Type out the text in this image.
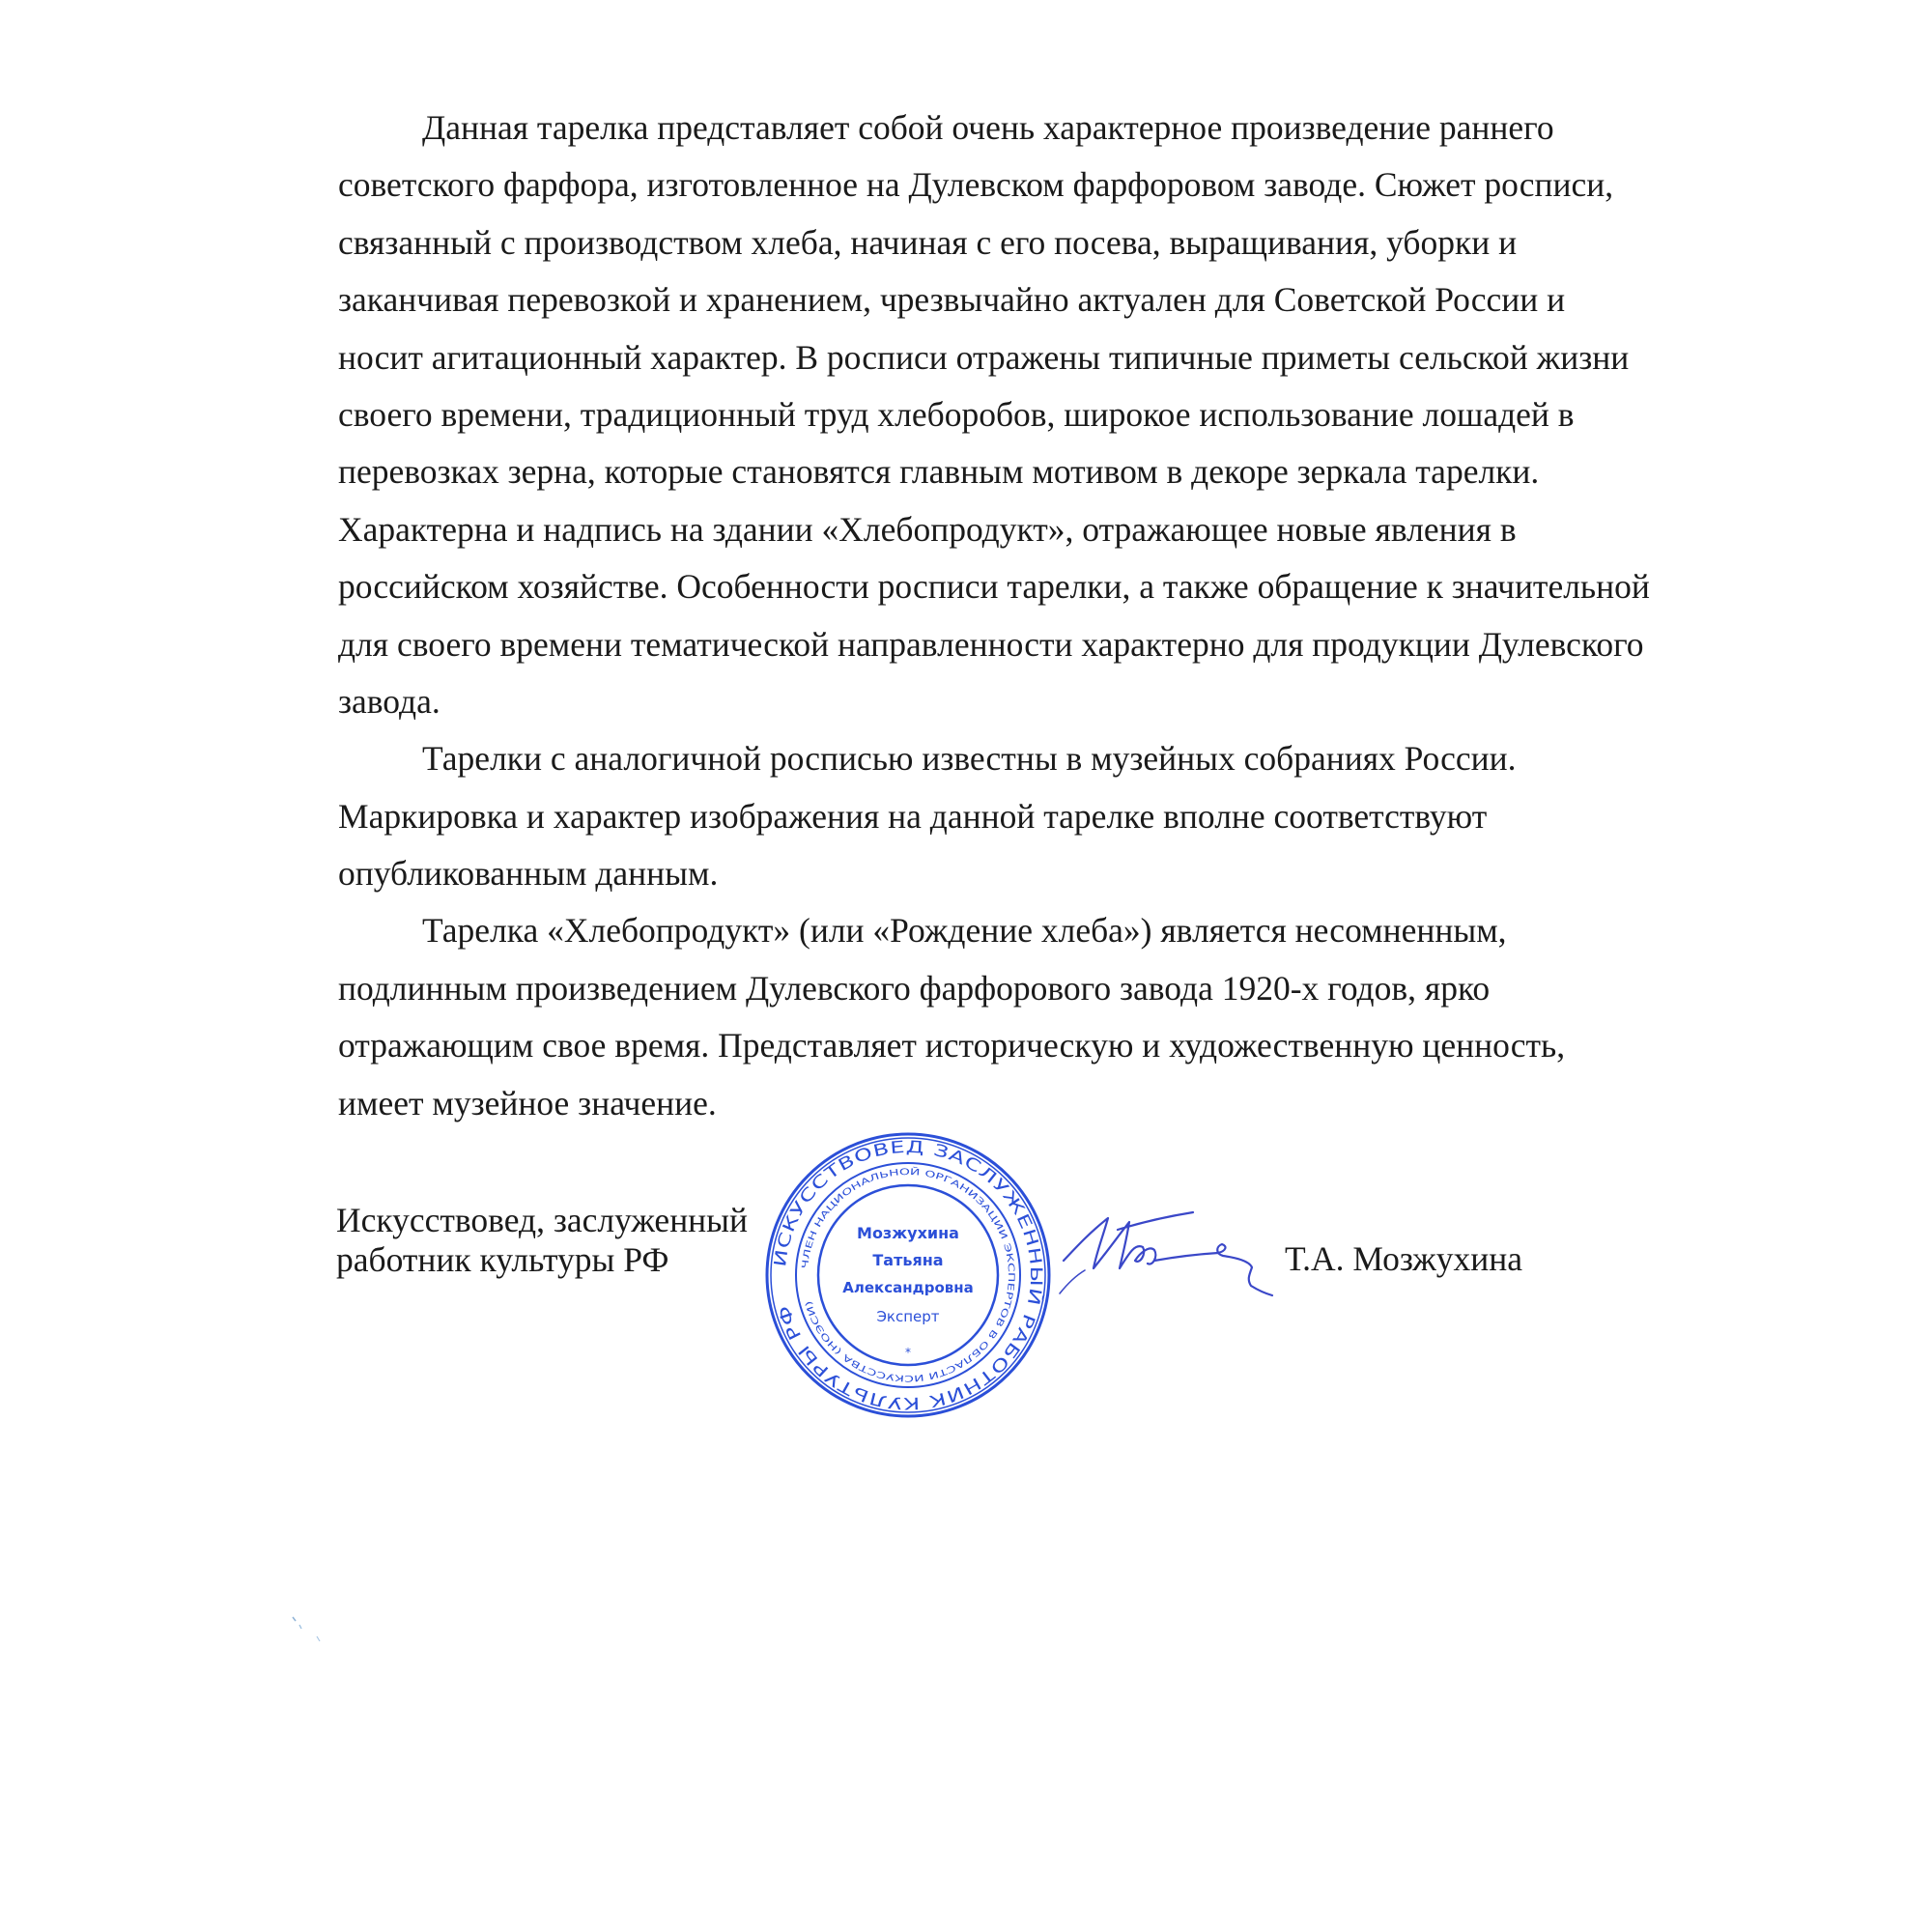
Данная тарелка представляет собой очень характерное произведение раннего
советского фарфора, изготовленное на Дулевском фарфоровом заводе. Сюжет росписи,
связанный с производством хлеба, начиная с его посева, выращивания, уборки и
заканчивая перевозкой и хранением, чрезвычайно актуален для Советской России и
носит агитационный характер. В росписи отражены типичные приметы сельской жизни
своего времени, традиционный труд хлеборобов, широкое использование лошадей в
перевозках зерна, которые становятся главным мотивом в декоре зеркала тарелки.
Характерна и надпись на здании «Хлебопродукт», отражающее новые явления в
российском хозяйстве. Особенности росписи тарелки, а также обращение к значительной
для своего времени тематической направленности характерно для продукции Дулевского
завода.
Тарелки с аналогичной росписью известны в музейных собраниях России.
Маркировка и характер изображения на данной тарелке вполне соответствуют
опубликованным данным.
Тарелка «Хлебопродукт» (или «Рождение хлеба») является несомненным,
подлинным произведением Дулевского фарфорового завода 1920-х годов, ярко
отражающим свое время. Представляет историческую и художественную ценность,
имеет музейное значение.
Искусствовед, заслуженный
работник культуры РФ	ИСКУССТВОВЕД ЗАСЛУЖЕННЫЙ РАБОТНИК КУЛЬТУРЫ РФ
ЧЛЕН НАЦИОНАЛЬНОЙ ОРГАНИЗАЦИИ ЭКСПЕРТОВ В ОБЛАСТИ ИСКУССТВА (НОЭСИ)
Мозжухина
Татьяна
Александровна
Эксперт
*
Т.А. Мозжухина
